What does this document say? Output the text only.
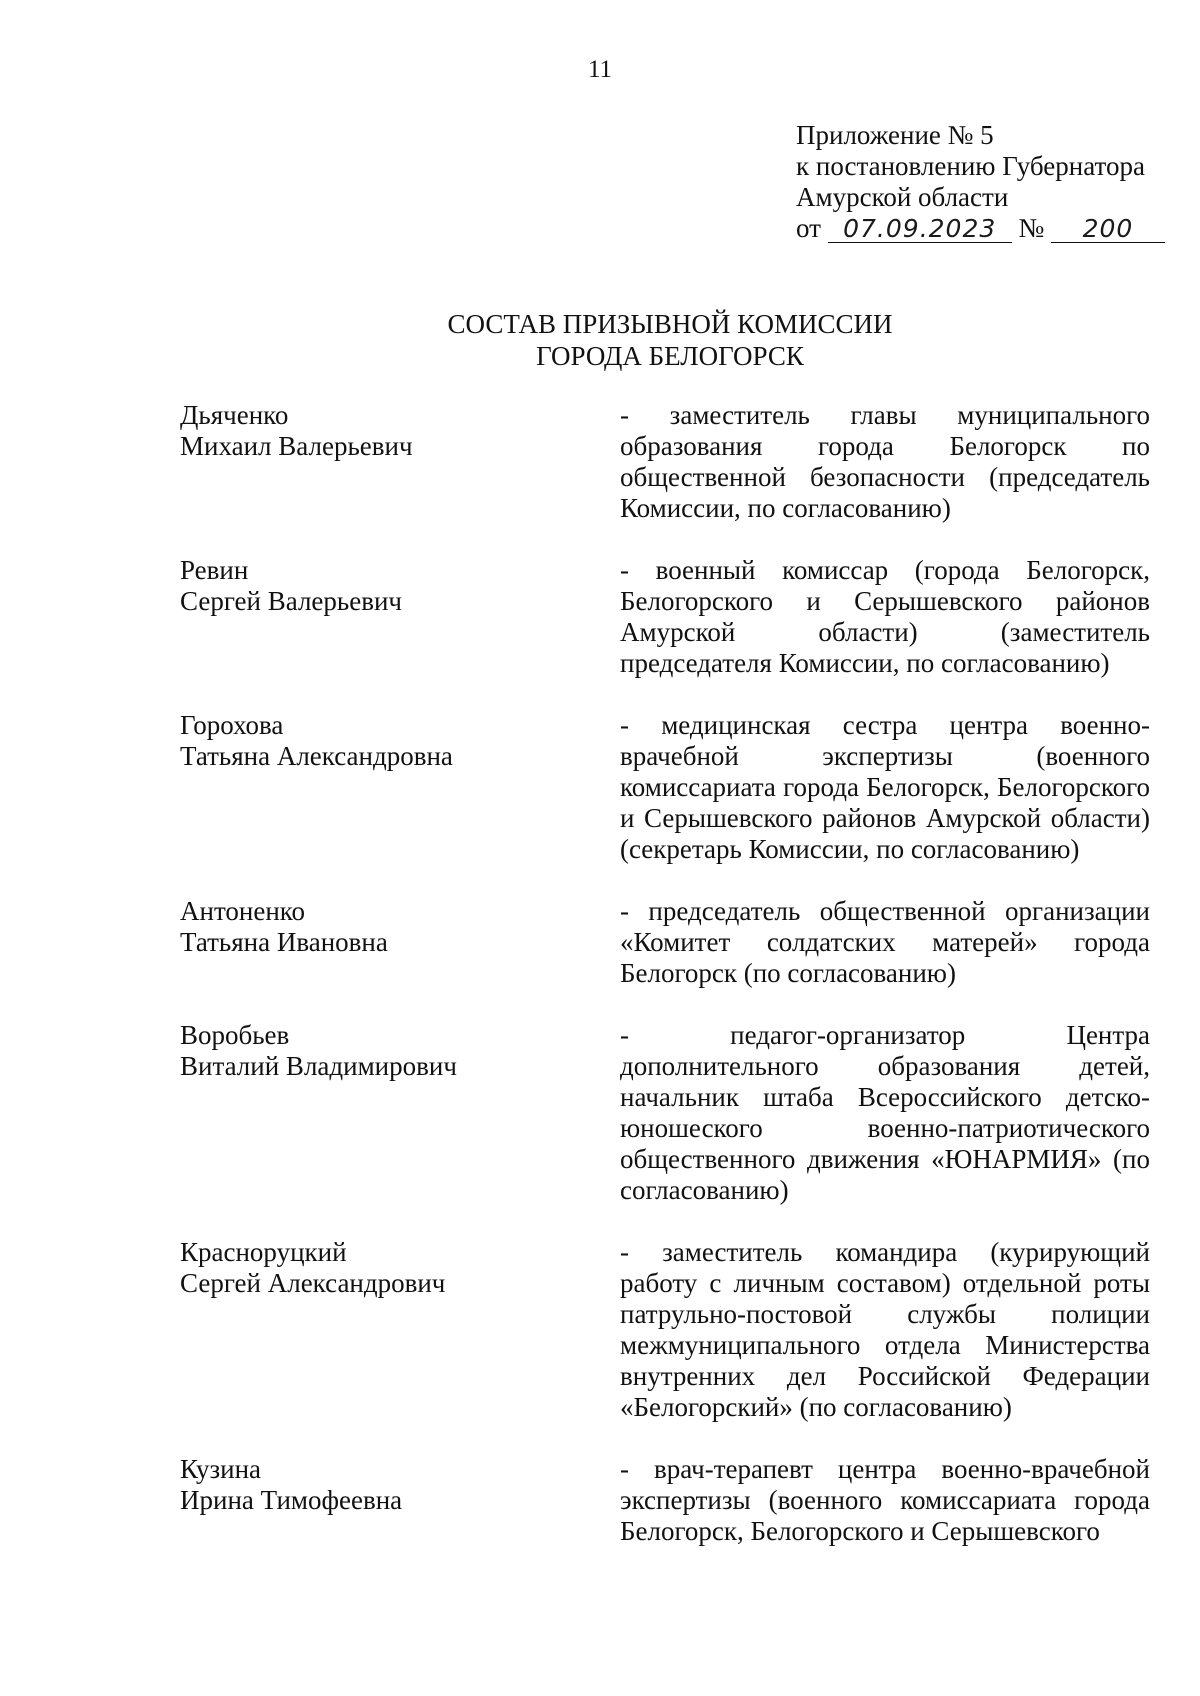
11
Приложение № 5
к постановлению Губернатора
Амурской области
от 07.09.2023 № 200
СОСТАВ ПРИЗЫВНОЙ КОМИССИИ
ГОРОДА БЕЛОГОРСК
Дьяченко
Михаил Валерьевич
- заместитель главы муниципального образования города Белогорск по общественной безопасности (председатель Комиссии, по согласованию)
Ревин
Сергей Валерьевич
- военный комиссар (города Белогорск, Белогорского и Серышевского районов Амурской области) (заместитель председателя Комиссии, по согласованию)
Горохова
Татьяна Александровна
- медицинская сестра центра военно-врачебной экспертизы (военного комиссариата города Белогорск, Белогорского и Серышевского районов Амурской области) (секретарь Комиссии, по согласованию)
Антоненко
Татьяна Ивановна
- председатель общественной организации «Комитет солдатских матерей» города Белогорск (по согласованию)
Воробьев
Виталий Владимирович
- педагог-организатор Центра дополнительного образования детей, начальник штаба Всероссийского детско-юношеского военно-патриотического общественного движения «ЮНАРМИЯ» (по согласованию)
Красноруцкий
Сергей Александрович
- заместитель командира (курирующий работу с личным составом) отдельной роты патрульно-постовой службы полиции межмуниципального отдела Министерства внутренних дел Российской Федерации «Белогорский» (по согласованию)
Кузина
Ирина Тимофеевна
- врач-терапевт центра военно-врачебной экспертизы (военного комиссариата города Белогорск, Белогорского и Серышевского
